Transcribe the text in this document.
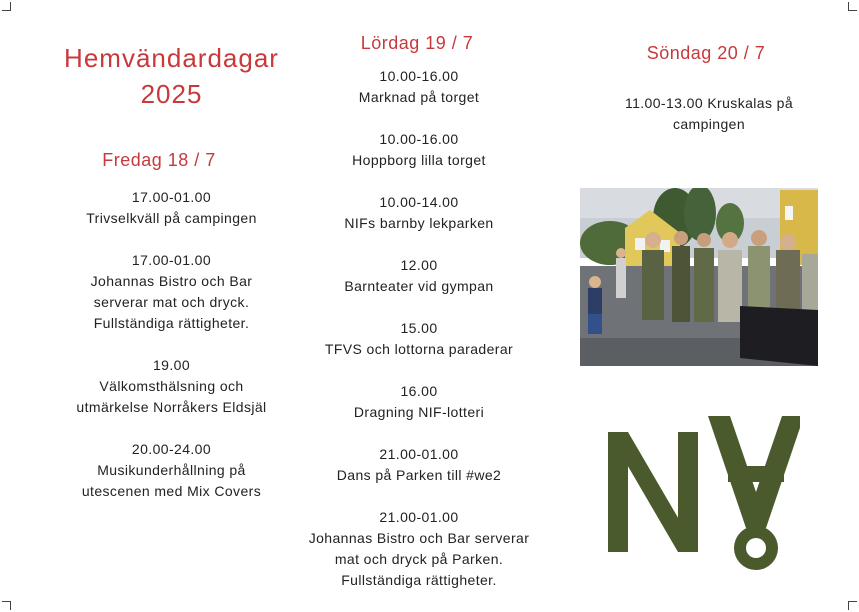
Hemvändardagar 2025
Fredag 18 / 7
17.00-01.00
Trivselkväll på campingen
17.00-01.00
Johannas Bistro och Bar
serverar mat och dryck.
Fullständiga rättigheter.
19.00
Välkomsthälsning och
utmärkelse Norråkers Eldsjäl
20.00-24.00
Musikunderhållning på
utescenen med Mix Covers
Lördag 19 / 7
10.00-16.00
Marknad på torget
10.00-16.00
Hoppborg lilla torget
10.00-14.00
NIFs barnby lekparken
12.00
Barnteater vid gympan
15.00
TFVS och lottorna paraderar
16.00
Dragning NIF-lotteri
21.00-01.00
Dans på Parken till #we2
21.00-01.00
Johannas Bistro och Bar serverar
mat och dryck på Parken.
Fullständiga rättigheter.
Söndag 20 / 7
11.00-13.00 Kruskalas på
campingen
